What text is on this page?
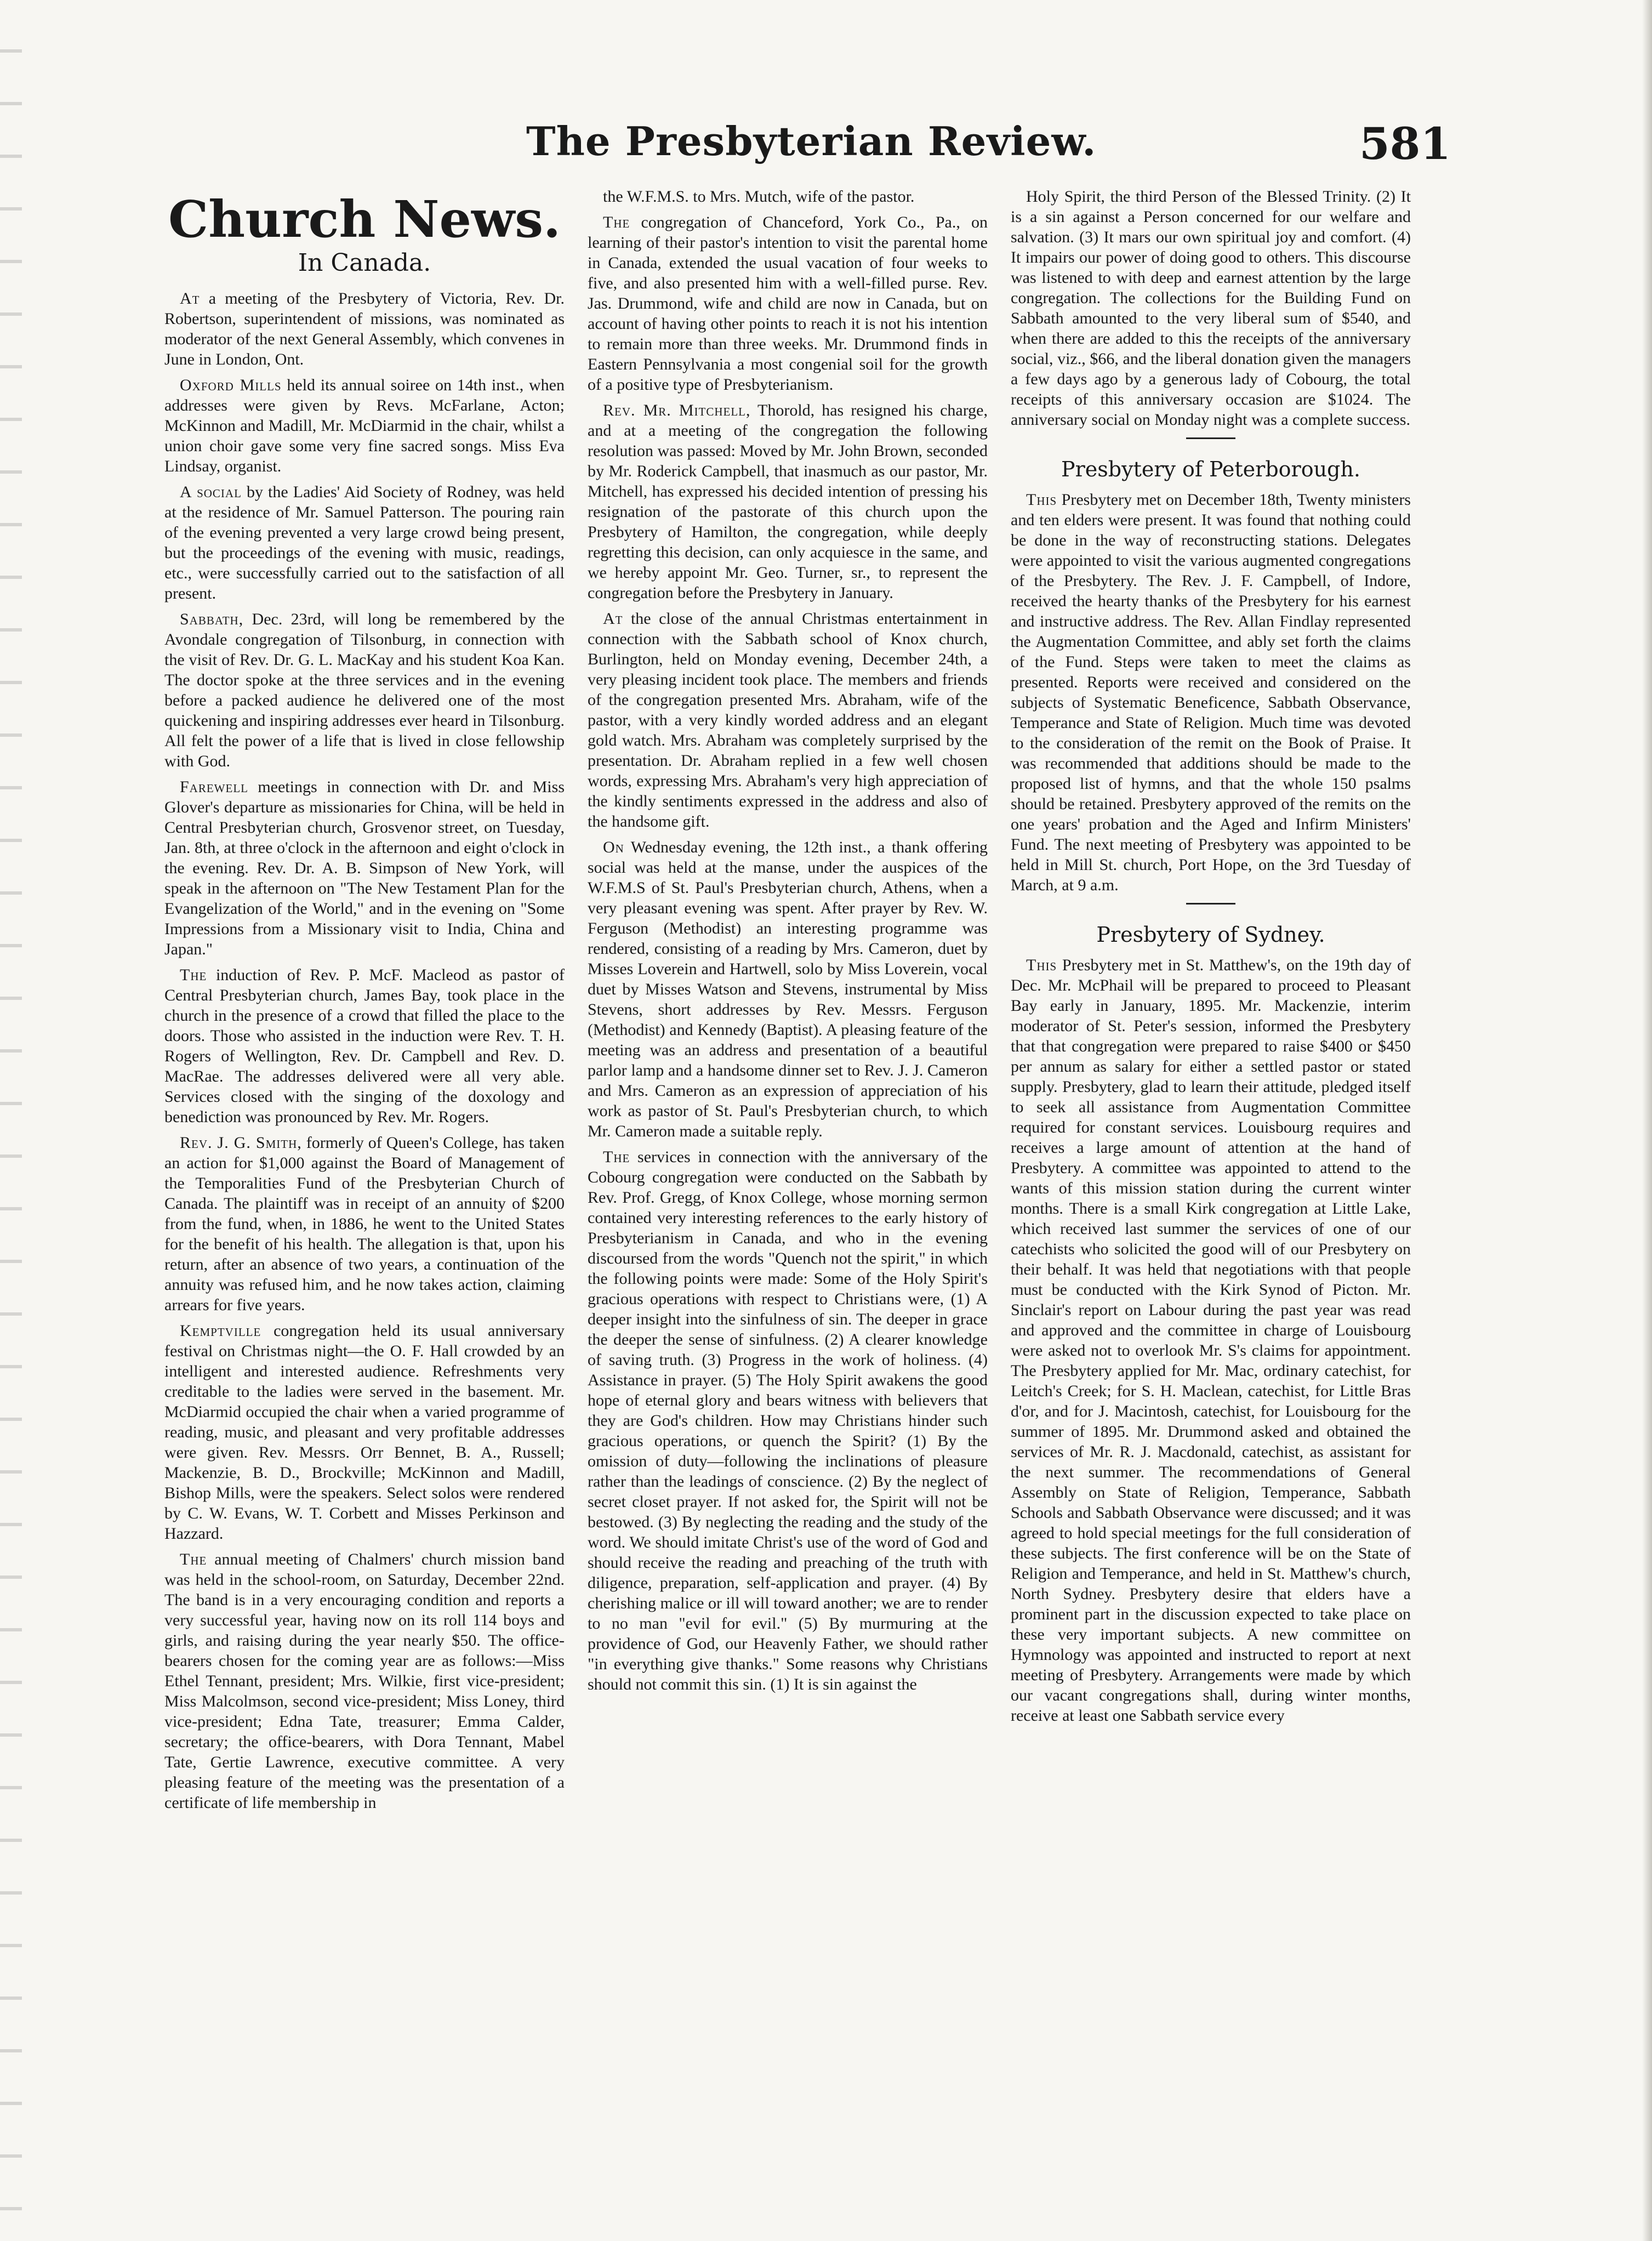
The Presbyterian Review.	581
Church News.
In Canada.

At a meeting of the Presbytery of Victoria, Rev. Dr. Robertson, superintendent of missions, was nominated as moderator of the next General Assembly, which convenes in June in London, Ont.

Oxford Mills held its annual soiree on 14th inst., when addresses were given by Revs. McFarlane, Acton; McKinnon and Madill, Mr. McDiarmid in the chair, whilst a union choir gave some very fine sacred songs. Miss Eva Lindsay, organist.

A social by the Ladies' Aid Society of Rodney, was held at the residence of Mr. Samuel Patterson. The pouring rain of the evening prevented a very large crowd being present, but the proceedings of the evening with music, readings, etc., were successfully carried out to the satisfaction of all present.

Sabbath, Dec. 23rd, will long be remembered by the Avondale congregation of Tilsonburg, in connection with the visit of Rev. Dr. G. L. MacKay and his student Koa Kan. The doctor spoke at the three services and in the evening before a packed audience he delivered one of the most quickening and inspiring addresses ever heard in Tilsonburg. All felt the power of a life that is lived in close fellowship with God.

Farewell meetings in connection with Dr. and Miss Glover's departure as missionaries for China, will be held in Central Presbyterian church, Grosvenor street, on Tuesday, Jan. 8th, at three o'clock in the afternoon and eight o'clock in the evening. Rev. Dr. A. B. Simpson of New York, will speak in the afternoon on "The New Testament Plan for the Evangelization of the World," and in the evening on "Some Impressions from a Missionary visit to India, China and Japan."

The induction of Rev. P. McF. Macleod as pastor of Central Presbyterian church, James Bay, took place in the church in the presence of a crowd that filled the place to the doors. Those who assisted in the induction were Rev. T. H. Rogers of Wellington, Rev. Dr. Campbell and Rev. D. MacRae. The addresses delivered were all very able. Services closed with the singing of the doxology and benediction was pronounced by Rev. Mr. Rogers.

Rev. J. G. Smith, formerly of Queen's College, has taken an action for $1,000 against the Board of Management of the Temporalities Fund of the Presbyterian Church of Canada. The plaintiff was in receipt of an annuity of $200 from the fund, when, in 1886, he went to the United States for the benefit of his health. The allegation is that, upon his return, after an absence of two years, a continuation of the annuity was refused him, and he now takes action, claiming arrears for five years.

Kemptville congregation held its usual anniversary festival on Christmas night—the O. F. Hall crowded by an intelligent and interested audience. Refreshments very creditable to the ladies were served in the basement. Mr. McDiarmid occupied the chair when a varied programme of reading, music, and pleasant and very profitable addresses were given. Rev. Messrs. Orr Bennet, B. A., Russell; Mackenzie, B. D., Brockville; McKinnon and Madill, Bishop Mills, were the speakers. Select solos were rendered by C. W. Evans, W. T. Corbett and Misses Perkinson and Hazzard.

The annual meeting of Chalmers' church mission band was held in the school-room, on Saturday, December 22nd. The band is in a very encouraging condition and reports a very successful year, having now on its roll 114 boys and girls, and raising during the year nearly $50. The office-bearers chosen for the coming year are as follows:—Miss Ethel Tennant, president; Mrs. Wilkie, first vice-president; Miss Malcolmson, second vice-president; Miss Loney, third vice-president; Edna Tate, treasurer; Emma Calder, secretary; the office-bearers, with Dora Tennant, Mabel Tate, Gertie Lawrence, executive committee. A very pleasing feature of the meeting was the presentation of a certificate of life membership in

the W.F.M.S. to Mrs. Mutch, wife of the pastor.

The congregation of Chanceford, York Co., Pa., on learning of their pastor's intention to visit the parental home in Canada, extended the usual vacation of four weeks to five, and also presented him with a well-filled purse. Rev. Jas. Drummond, wife and child are now in Canada, but on account of having other points to reach it is not his intention to remain more than three weeks. Mr. Drummond finds in Eastern Pennsylvania a most congenial soil for the growth of a positive type of Presbyterianism.

Rev. Mr. Mitchell, Thorold, has resigned his charge, and at a meeting of the congregation the following resolution was passed: Moved by Mr. John Brown, seconded by Mr. Roderick Campbell, that inasmuch as our pastor, Mr. Mitchell, has expressed his decided intention of pressing his resignation of the pastorate of this church upon the Presbytery of Hamilton, the congregation, while deeply regretting this decision, can only acquiesce in the same, and we hereby appoint Mr. Geo. Turner, sr., to represent the congregation before the Presbytery in January.

At the close of the annual Christmas entertainment in connection with the Sabbath school of Knox church, Burlington, held on Monday evening, December 24th, a very pleasing incident took place. The members and friends of the congregation presented Mrs. Abraham, wife of the pastor, with a very kindly worded address and an elegant gold watch. Mrs. Abraham was completely surprised by the presentation. Dr. Abraham replied in a few well chosen words, expressing Mrs. Abraham's very high appreciation of the kindly sentiments expressed in the address and also of the handsome gift.

On Wednesday evening, the 12th inst., a thank offering social was held at the manse, under the auspices of the W.F.M.S of St. Paul's Presbyterian church, Athens, when a very pleasant evening was spent. After prayer by Rev. W. Ferguson (Methodist) an interesting programme was rendered, consisting of a reading by Mrs. Cameron, duet by Misses Loverein and Hartwell, solo by Miss Loverein, vocal duet by Misses Watson and Stevens, instrumental by Miss Stevens, short addresses by Rev. Messrs. Ferguson (Methodist) and Kennedy (Baptist). A pleasing feature of the meeting was an address and presentation of a beautiful parlor lamp and a handsome dinner set to Rev. J. J. Cameron and Mrs. Cameron as an expression of appreciation of his work as pastor of St. Paul's Presbyterian church, to which Mr. Cameron made a suitable reply.

The services in connection with the anniversary of the Cobourg congregation were conducted on the Sabbath by Rev. Prof. Gregg, of Knox College, whose morning sermon contained very interesting references to the early history of Presbyterianism in Canada, and who in the evening discoursed from the words "Quench not the spirit," in which the following points were made: Some of the Holy Spirit's gracious operations with respect to Christians were, (1) A deeper insight into the sinfulness of sin. The deeper in grace the deeper the sense of sinfulness. (2) A clearer knowledge of saving truth. (3) Progress in the work of holiness. (4) Assistance in prayer. (5) The Holy Spirit awakens the good hope of eternal glory and bears witness with believers that they are God's children. How may Christians hinder such gracious operations, or quench the Spirit? (1) By the omission of duty—following the inclinations of pleasure rather than the leadings of conscience. (2) By the neglect of secret closet prayer. If not asked for, the Spirit will not be bestowed. (3) By neglecting the reading and the study of the word. We should imitate Christ's use of the word of God and should receive the reading and preaching of the truth with diligence, preparation, self-application and prayer. (4) By cherishing malice or ill will toward another; we are to render to no man "evil for evil." (5) By murmuring at the providence of God, our Heavenly Father, we should rather "in everything give thanks." Some reasons why Christians should not commit this sin. (1) It is sin against the

Holy Spirit, the third Person of the Blessed Trinity. (2) It is a sin against a Person concerned for our welfare and salvation. (3) It mars our own spiritual joy and comfort. (4) It impairs our power of doing good to others. This discourse was listened to with deep and earnest attention by the large congregation. The collections for the Building Fund on Sabbath amounted to the very liberal sum of $540, and when there are added to this the receipts of the anniversary social, viz., $66, and the liberal donation given the managers a few days ago by a generous lady of Cobourg, the total receipts of this anniversary occasion are $1024. The anniversary social on Monday night was a complete success.

Presbytery of Peterborough.

This Presbytery met on December 18th, Twenty ministers and ten elders were present. It was found that nothing could be done in the way of reconstructing stations. Delegates were appointed to visit the various augmented congregations of the Presbytery. The Rev. J. F. Campbell, of Indore, received the hearty thanks of the Presbytery for his earnest and instructive address. The Rev. Allan Findlay represented the Augmentation Committee, and ably set forth the claims of the Fund. Steps were taken to meet the claims as presented. Reports were received and considered on the subjects of Systematic Beneficence, Sabbath Observance, Temperance and State of Religion. Much time was devoted to the consideration of the remit on the Book of Praise. It was recommended that additions should be made to the proposed list of hymns, and that the whole 150 psalms should be retained. Presbytery approved of the remits on the one years' probation and the Aged and Infirm Ministers' Fund. The next meeting of Presbytery was appointed to be held in Mill St. church, Port Hope, on the 3rd Tuesday of March, at 9 a.m.

Presbytery of Sydney.

This Presbytery met in St. Matthew's, on the 19th day of Dec. Mr. McPhail will be prepared to proceed to Pleasant Bay early in January, 1895. Mr. Mackenzie, interim moderator of St. Peter's session, informed the Presbytery that that congregation were prepared to raise $400 or $450 per annum as salary for either a settled pastor or stated supply. Presbytery, glad to learn their attitude, pledged itself to seek all assistance from Augmentation Committee required for constant services. Louisbourg requires and receives a large amount of attention at the hand of Presbytery. A committee was appointed to attend to the wants of this mission station during the current winter months. There is a small Kirk congregation at Little Lake, which received last summer the services of one of our catechists who solicited the good will of our Presbytery on their behalf. It was held that negotiations with that people must be conducted with the Kirk Synod of Picton. Mr. Sinclair's report on Labour during the past year was read and approved and the committee in charge of Louisbourg were asked not to overlook Mr. S's claims for appointment. The Presbytery applied for Mr. Mac, ordinary catechist, for Leitch's Creek; for S. H. Maclean, catechist, for Little Bras d'or, and for J. Macintosh, catechist, for Louisbourg for the summer of 1895. Mr. Drummond asked and obtained the services of Mr. R. J. Macdonald, catechist, as assistant for the next summer. The recommendations of General Assembly on State of Religion, Temperance, Sabbath Schools and Sabbath Observance were discussed; and it was agreed to hold special meetings for the full consideration of these subjects. The first conference will be on the State of Religion and Temperance, and held in St. Matthew's church, North Sydney. Presbytery desire that elders have a prominent part in the discussion expected to take place on these very important subjects. A new committee on Hymnology was appointed and instructed to report at next meeting of Presbytery. Arrangements were made by which our vacant congregations shall, during winter months, receive at least one Sabbath service every
